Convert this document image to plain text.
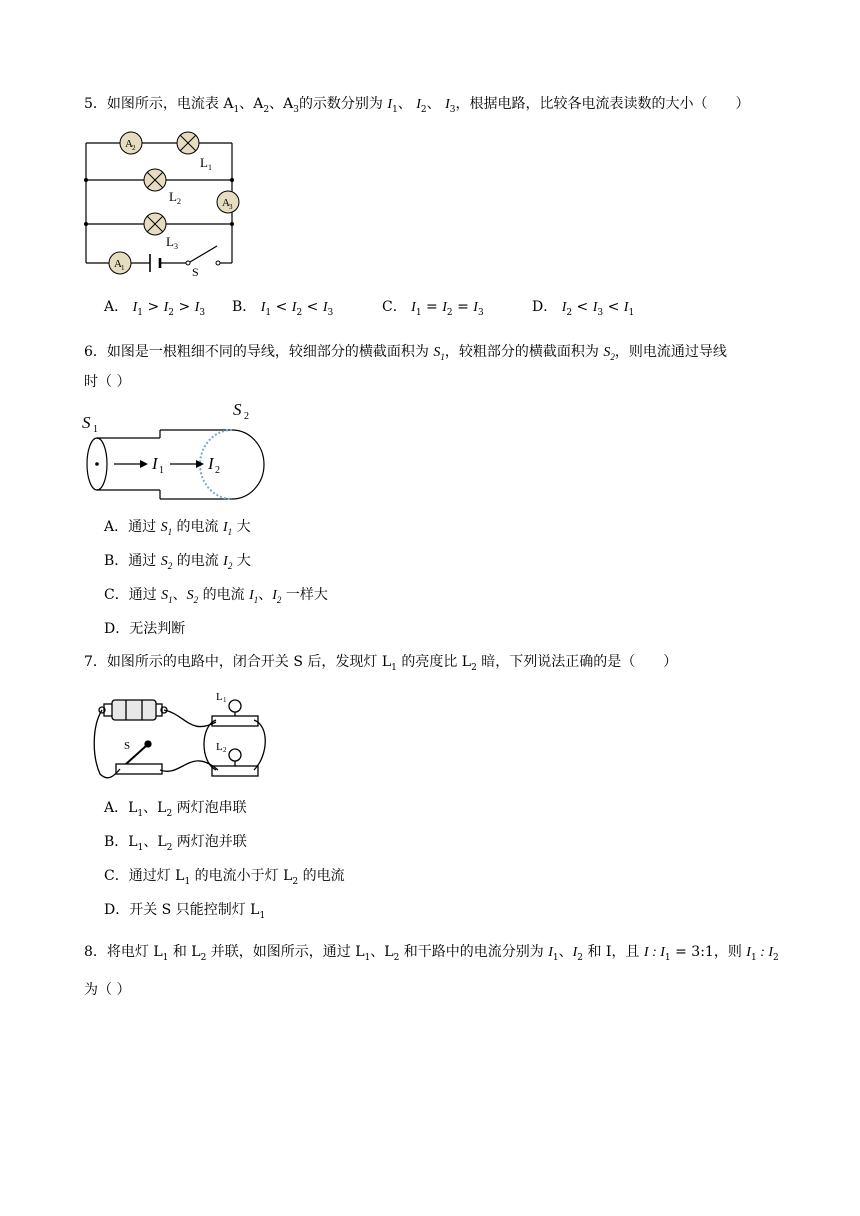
5．如图所示，电流表 $A_1$、$A_2$、$A_3$的示数分别为 $I_1$、 $I_2$、 $I_3$，根据电路，比较各电流表读数的大小（　　）
A 2
L 1
L 2	A 3
L 3
A 1	S
A． $I_1 > I_2 > I_3$ B． $I_1 < I_2 < I_3$	C． $I_1 = I_2 = I_3$	D． $I_2 < I_3 < I_1$
6．如图是一根粗细不同的导线，较细部分的横截面积为 $S_1$，较粗部分的横截面积为 $S_2$，则电流通过导线
时（ ）
S 1
S 2
I 1	I 2
A．通过 $S_1$ 的电流 $I_1$ 大
B．通过 $S_2$ 的电流 $I_2$ 大
C．通过 $S_1$、$S_2$ 的电流 $I_1$、$I_2$ 一样大
D．无法判断
7．如图所示的电路中，闭合开关 S 后，发现灯 $L_1$ 的亮度比 $L_2$ 暗，下列说法正确的是（　　）
L 1
L 2
S
A．$L_1$、$L_2$ 两灯泡串联
B．$L_1$、$L_2$ 两灯泡并联
C．通过灯 $L_1$ 的电流小于灯 $L_2$ 的电流
D．开关 S 只能控制灯 $L_1$
8．将电灯 $L_1$ 和 $L_2$ 并联，如图所示，通过 $L_1$、$L_2$ 和干路中的电流分别为 $I_1$、$I_2$ 和 I，且 I : $I_1$ = 3:1，则 $I_1$ : $I_2$
为（ ）
